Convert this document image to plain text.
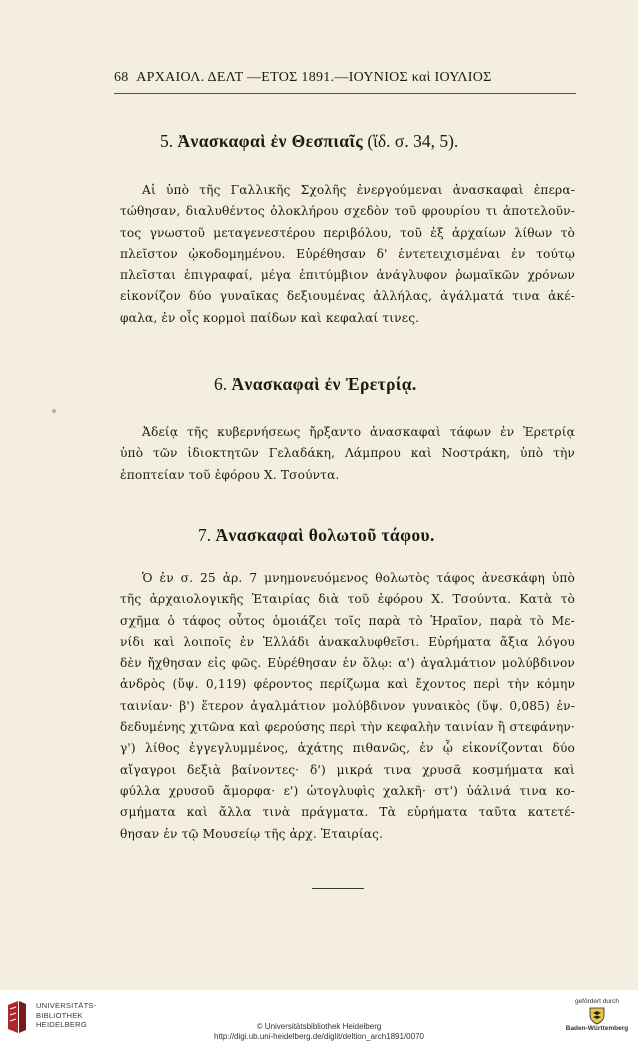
68 ΑΡΧΑΙΟΛ. ΔΕΛΤ —ΕΤΟΣ 1891.—ΙΟΥΝΙΟΣ καὶ ΙΟΥΛΙΟΣ
5. Ἀνασκαφαὶ ἐν Θεσπιαῖς (ἴδ. σ. 34, 5).
Αἱ ὑπὸ τῆς Γαλλικῆς Σχολῆς ἐνεργούμεναι ἀνασκαφαὶ ἐπερα-
τώθησαν, διαλυθέντος ὁλοκλήρου σχεδὸν τοῦ φρουρίου τι ἀποτελοῦν-
τος γνωστοῦ μεταγενεστέρου περιβόλου, τοῦ ἐξ ἀρχαίων λίθων τὸ
πλεῖστον ᾠκοδομημένου. Εὑρέθησαν δ' ἐντετειχισμέναι ἐν τούτῳ
πλεῖσται ἐπιγραφαί, μέγα ἐπιτύμβιον ἀνάγλυφον ῥωμαϊκῶν χρόνων
εἰκονίζον δύο γυναῖκας δεξιουμένας ἀλλήλας, ἀγάλματά τινα ἀκέ-
φαλα, ἐν οἷς κορμοὶ παίδων καὶ κεφαλαί τινες.
6. Ἀνασκαφαὶ ἐν Ἐρετρίᾳ.
Ἀδείᾳ τῆς κυβερνήσεως ἤρξαντο ἀνασκαφαὶ τάφων ἐν Ἐρετρίᾳ
ὑπὸ τῶν ἰδιοκτητῶν Γελαδάκη, Λάμπρου καὶ Νοστράκη, ὑπὸ τὴν
ἐποπτείαν τοῦ ἐφόρου Χ. Τσούντα.
7. Ἀνασκαφαὶ θολωτοῦ τάφου.
Ὁ ἐν σ. 25 ἀρ. 7 μνημονευόμενος θολωτὸς τάφος ἀνεσκάφη ὑπὸ
τῆς ἀρχαιολογικῆς Ἑταιρίας διὰ τοῦ ἐφόρου Χ. Τσούντα. Κατὰ τὸ
σχῆμα ὁ τάφος οὗτος ὁμοιάζει τοῖς παρὰ τὸ Ἡραῖον, παρὰ τὸ Με-
νίδι καὶ λοιποῖς ἐν Ἑλλάδι ἀνακαλυφθεῖσι. Εὑρήματα ἄξια λόγου
δὲν ἤχθησαν εἰς φῶς. Εὑρέθησαν ἐν ὅλῳ: α') ἀγαλμάτιον μολύβδινον
ἀνδρὸς (ὕψ. 0,119) φέροντος περίζωμα καὶ ἔχοντος περὶ τὴν κόμην
ταινίαν· β') ἕτερον ἀγαλμάτιον μολύβδινον γυναικὸς (ὕψ. 0,085) ἐν-
δεδυμένης χιτῶνα καὶ φερούσης περὶ τὴν κεφαλὴν ταινίαν ἢ στεφάνην·
γ') λίθος ἐγγεγλυμμένος, ἀχάτης πιθανῶς, ἐν ᾧ εἰκονίζονται δύο
αἴγαγροι δεξιὰ βαίνοντες· δ') μικρά τινα χρυσᾶ κοσμήματα καὶ
φύλλα χρυσοῦ ἄμορφα· ε') ὠτογλυφὶς χαλκῆ· στ') ὑάλινά τινα κο-
σμήματα καὶ ἄλλα τινὰ πράγματα. Τὰ εὑρήματα ταῦτα κατετέ-
θησαν ἐν τῷ Μουσείῳ τῆς ἀρχ. Ἑταιρίας.
UNIVERSITÄTS-
BIBLIOTHEK
HEIDELBERG	© Universitätsbibliothek Heidelberg
http://digi.ub.uni-heidelberg.de/diglit/deltion_arch1891/0070
gefördert durch
Baden-Württemberg
